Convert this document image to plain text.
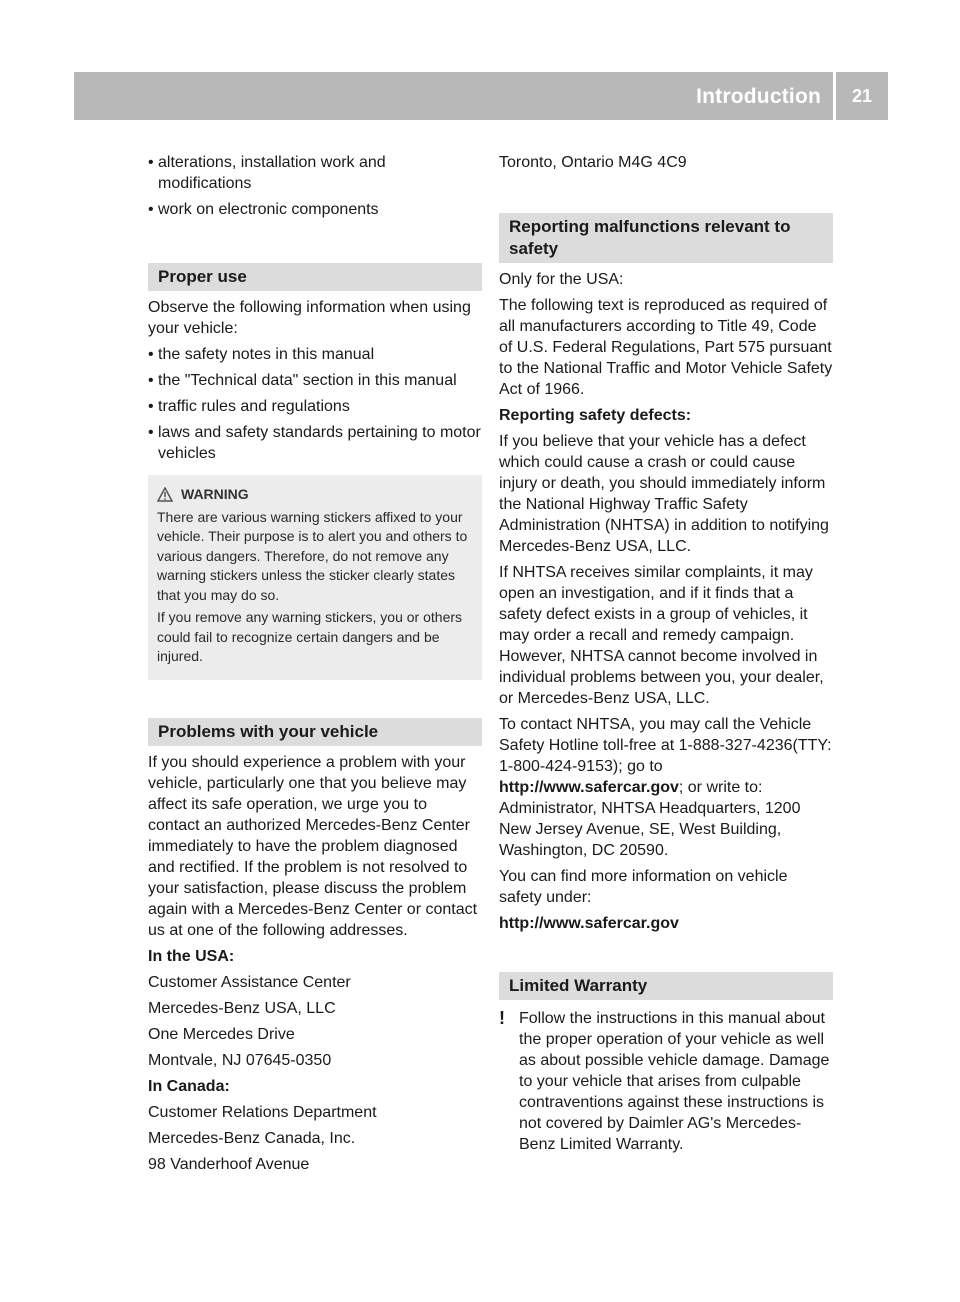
Introduction	21
• alterations, installation work and modifications
• work on electronic components
Proper use

Observe the following information when using your vehicle:

• the safety notes in this manual
• the "Technical data" section in this manual
• traffic rules and regulations
• laws and safety standards pertaining to motor vehicles
WARNING

There are various warning stickers affixed to your vehicle. Their purpose is to alert you and others to various dangers. Therefore, do not remove any warning stickers unless the sticker clearly states that you may do so.

If you remove any warning stickers, you or others could fail to recognize certain dangers and be injured.

Problems with your vehicle

If you should experience a problem with your vehicle, particularly one that you believe may affect its safe operation, we urge you to contact an authorized Mercedes-Benz Center immediately to have the problem diagnosed and rectified. If the problem is not resolved to your satisfaction, please discuss the problem again with a Mercedes-Benz Center or contact us at one of the following addresses.

In the USA:

Customer Assistance Center

Mercedes-Benz USA, LLC

One Mercedes Drive

Montvale, NJ 07645-0350

In Canada:

Customer Relations Department

Mercedes-Benz Canada, Inc.

98 Vanderhoof Avenue

Toronto, Ontario M4G 4C9

Reporting malfunctions relevant to safety

Only for the USA:

The following text is reproduced as required of all manufacturers according to Title 49, Code of U.S. Federal Regulations, Part 575 pursuant to the National Traffic and Motor Vehicle Safety Act of 1966.

Reporting safety defects:

If you believe that your vehicle has a defect which could cause a crash or could cause injury or death, you should immediately inform the National Highway Traffic Safety Administration (NHTSA) in addition to notifying Mercedes-Benz USA, LLC.

If NHTSA receives similar complaints, it may open an investigation, and if it finds that a safety defect exists in a group of vehicles, it may order a recall and remedy campaign. However, NHTSA cannot become involved in individual problems between you, your dealer, or Mercedes-Benz USA, LLC.

To contact NHTSA, you may call the Vehicle Safety Hotline toll-free at 1-888-327-4236(TTY: 1-800-424-9153); go to http://www.safercar.gov; or write to: Administrator, NHTSA Headquarters, 1200 New Jersey Avenue, SE, West Building, Washington, DC 20590.

You can find more information on vehicle safety under:

http://www.safercar.gov

Limited Warranty
! Follow the instructions in this manual about the proper operation of your vehicle as well as about possible vehicle damage. Damage to your vehicle that arises from culpable contraventions against these instructions is not covered by Daimler AG's Mercedes-Benz Limited Warranty.
